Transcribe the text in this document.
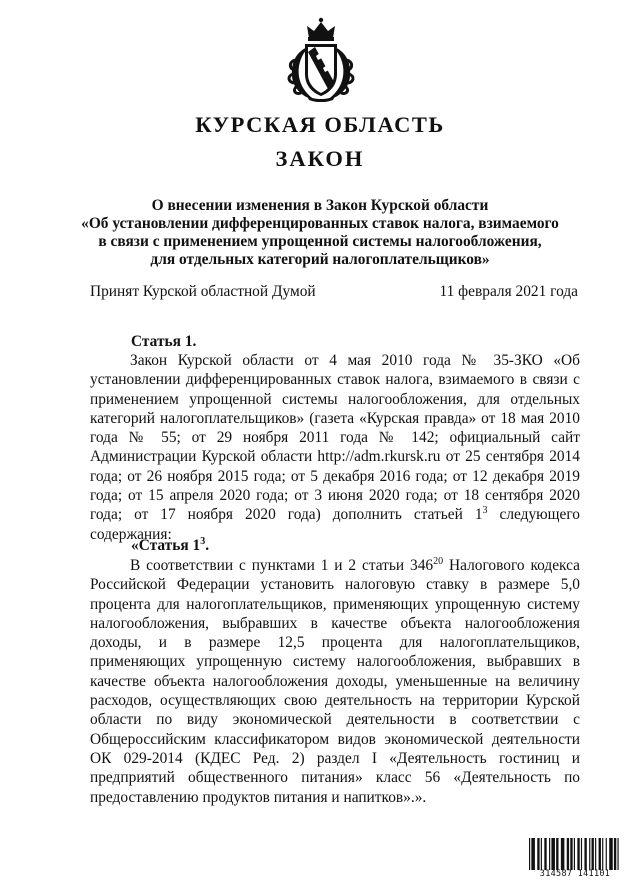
КУРСКАЯ ОБЛАСТЬ
ЗАКОН
О внесении изменения в Закон Курской области
«Об установлении дифференцированных ставок налога, взимаемого
в связи с применением упрощенной системы налогообложения,
для отдельных категорий налогоплательщиков»
Принят Курской областной Думой	11 февраля 2021 года
Статья 1.
Закон Курской области от 4 мая 2010 года № 35-ЗКО «Об установлении дифференцированных ставок налога, взимаемого в связи с применением упрощенной системы налогообложения, для отдельных категорий налогоплательщиков» (газета «Курская правда» от 18 мая 2010 года № 55; от 29 ноября 2011 года № 142; официальный сайт Администрации Курской области http://adm.rkursk.ru от 25 сентября 2014 года; от 26 ноября 2015 года; от 5 декабря 2016 года; от 12 декабря 2019 года; от 15 апреля 2020 года; от 3 июня 2020 года; от 18 сентября 2020 года; от 17 ноября 2020 года) дополнить статьей $1^3$ следующего содержания:
«Статья $1^3$.
В соответствии с пунктами 1 и 2 статьи $346^{20}$ Налогового кодекса Российской Федерации установить налоговую ставку в размере 5,0 процента для налогоплательщиков, применяющих упрощенную систему налогообложения, выбравших в качестве объекта налогообложения доходы, и в размере 12,5 процента для налогоплательщиков, применяющих упрощенную систему налогообложения, выбравших в качестве объекта налогообложения доходы, уменьшенные на величину расходов, осуществляющих свою деятельность на территории Курской области по виду экономической деятельности в соответствии с Общероссийским классификатором видов экономической деятельности ОК 029-2014 (КДЕС Ред. 2) раздел I «Деятельность гостиниц и предприятий общественного питания» класс 56 «Деятельность по предоставлению продуктов питания и напитков».».
314587 141101
